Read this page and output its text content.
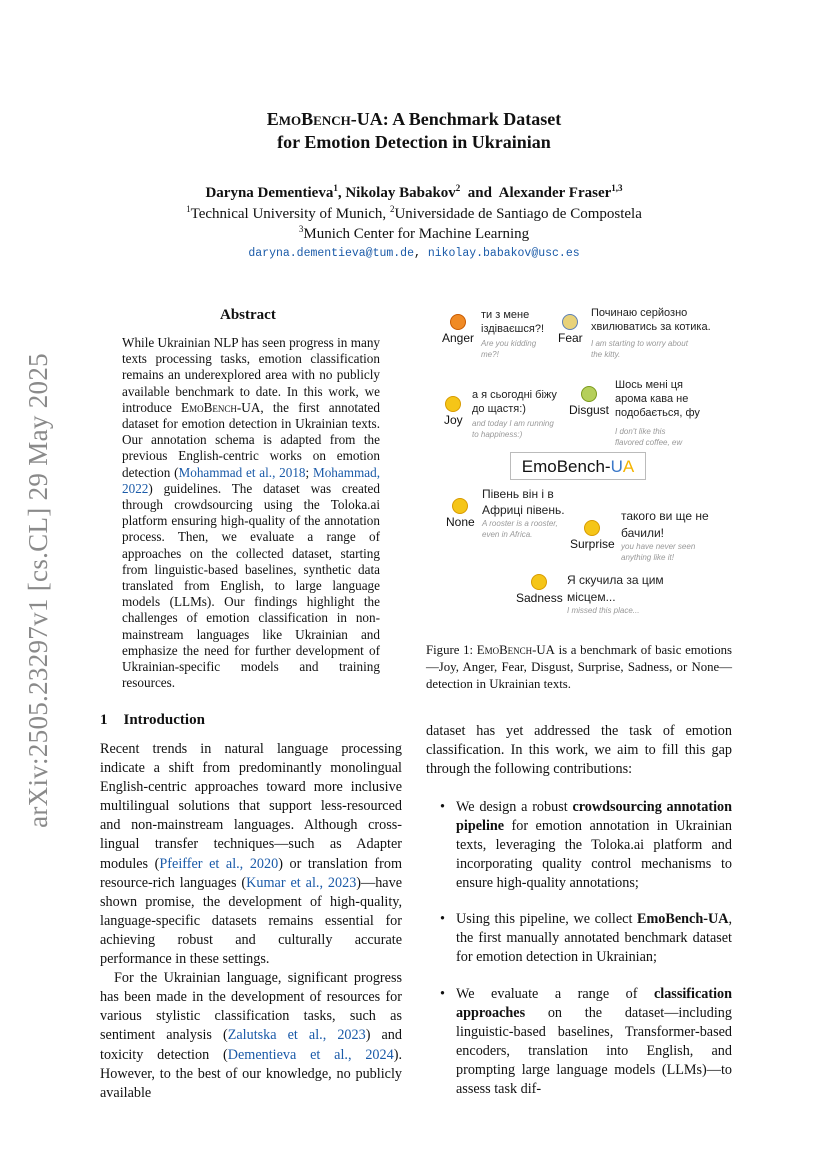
arXiv:2505.23297v1 [cs.CL] 29 May 2025
EmoBench-UA: A Benchmark Dataset
for Emotion Detection in Ukrainian
Daryna Dementieva$^1$, Nikolay Babakov$^2$ and Alexander Fraser$^{1,3}$
$^1$Technical University of Munich, $^2$Universidade de Santiago de Compostela
$^3$Munich Center for Machine Learning
daryna.dementieva@tum.de, nikolay.babakov@usc.es
Abstract
While Ukrainian NLP has seen progress in many texts processing tasks, emotion classification remains an underexplored area with no publicly available benchmark to date. In this work, we introduce EmoBench-UA, the first annotated dataset for emotion detection in Ukrainian texts. Our annotation schema is adapted from the previous English-centric works on emotion detection (Mohammad et al., 2018; Mohammad, 2022) guidelines. The dataset was created through crowdsourcing using the Toloka.ai platform ensuring high-quality of the annotation process. Then, we evaluate a range of approaches on the collected dataset, starting from linguistic-based baselines, synthetic data translated from English, to large language models (LLMs). Our findings highlight the challenges of emotion classification in non-mainstream languages like Ukrainian and emphasize the need for further development of Ukrainian-specific models and training resources.
Anger
ти з мене
іздіваєшся?!
Are you kidding
me?!
Fear
Починаю серйозно
хвилюватись за котика.
I am starting to worry about
the kitty.
Joy
а я сьогодні біжу
до щастя:)
and today I am running
to happiness:)
Disgust
Шось мені ця
арома кава не
подобається, фу
I don't like this
flavored coffee, ew
EmoBench-UA
None
Півень він і в
Африці півень.
A rooster is a rooster,
even in Africa.
Surprise
такого ви ще не
бачили!
you have never seen
anything like it!
Sadness
Я скучила за цим
місцем...
I missed this place...
Figure 1: EmoBench-UA is a benchmark of basic emotions—Joy, Anger, Fear, Disgust, Surprise, Sadness, or None—detection in Ukrainian texts.
1 Introduction

Recent trends in natural language processing indicate a shift from predominantly monolingual English-centric approaches toward more inclusive multilingual solutions that support less-resourced and non-mainstream languages. Although cross-lingual transfer techniques—such as Adapter modules (Pfeiffer et al., 2020) or translation from resource-rich languages (Kumar et al., 2023)—have shown promise, the development of high-quality, language-specific datasets remains essential for achieving robust and culturally accurate performance in these settings.

For the Ukrainian language, significant progress has been made in the development of resources for various stylistic classification tasks, such as sentiment analysis (Zalutska et al., 2023) and toxicity detection (Dementieva et al., 2024). However, to the best of our knowledge, no publicly available

dataset has yet addressed the task of emotion classification. In this work, we aim to fill this gap through the following contributions:

• We design a robust crowdsourcing annotation pipeline for emotion annotation in Ukrainian texts, leveraging the Toloka.ai platform and incorporating quality control mechanisms to ensure high-quality annotations;
• Using this pipeline, we collect EmoBench-UA, the first manually annotated benchmark dataset for emotion detection in Ukrainian;
• We evaluate a range of classification approaches on the dataset—including linguistic-based baselines, Transformer-based encoders, translation into English, and prompting large language models (LLMs)—to assess task dif-
